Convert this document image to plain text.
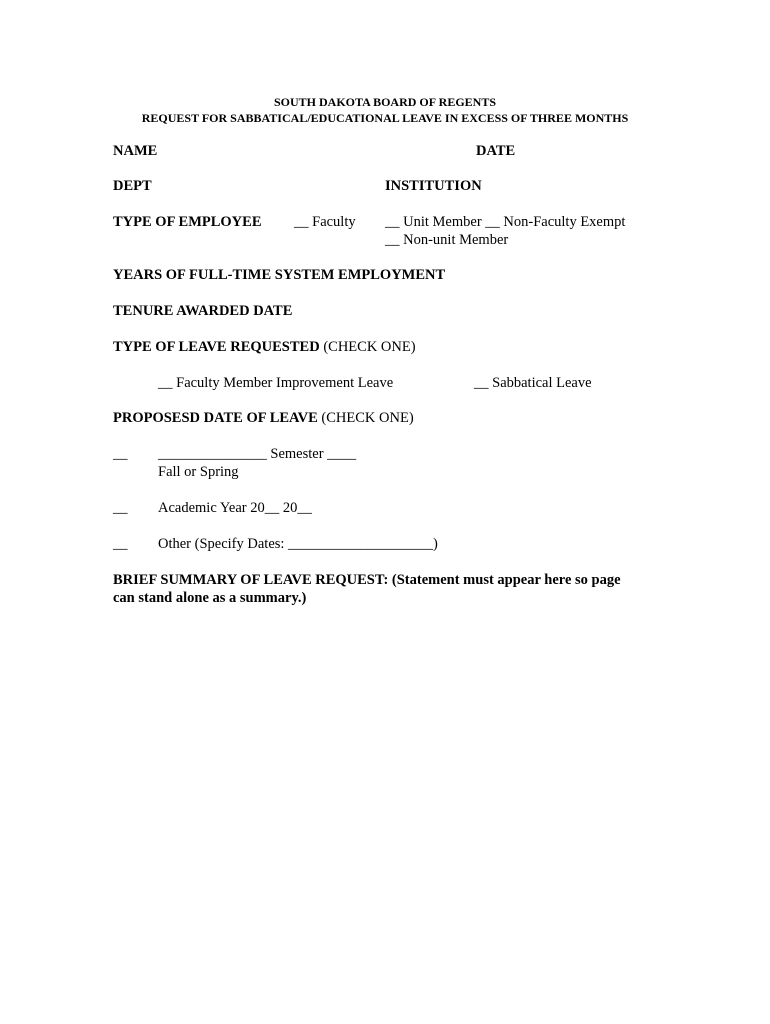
SOUTH DAKOTA BOARD OF REGENTS
REQUEST FOR SABBATICAL/EDUCATIONAL LEAVE IN EXCESS OF THREE MONTHS
NAME	DATE
DEPT	INSTITUTION
TYPE OF EMPLOYEE __ Faculty __ Unit Member __ Non-Faculty Exempt
__ Non-unit Member
YEARS OF FULL-TIME SYSTEM EMPLOYMENT
TENURE AWARDED DATE
TYPE OF LEAVE REQUESTED (CHECK ONE)
__ Faculty Member Improvement Leave	__ Sabbatical Leave
PROPOSESD DATE OF LEAVE (CHECK ONE)
__ _______________ Semester ____
Fall or Spring
__ Academic Year 20__ 20__
__ Other (Specify Dates: ____________________)
BRIEF SUMMARY OF LEAVE REQUEST: (Statement must appear here so page
can stand alone as a summary.)
